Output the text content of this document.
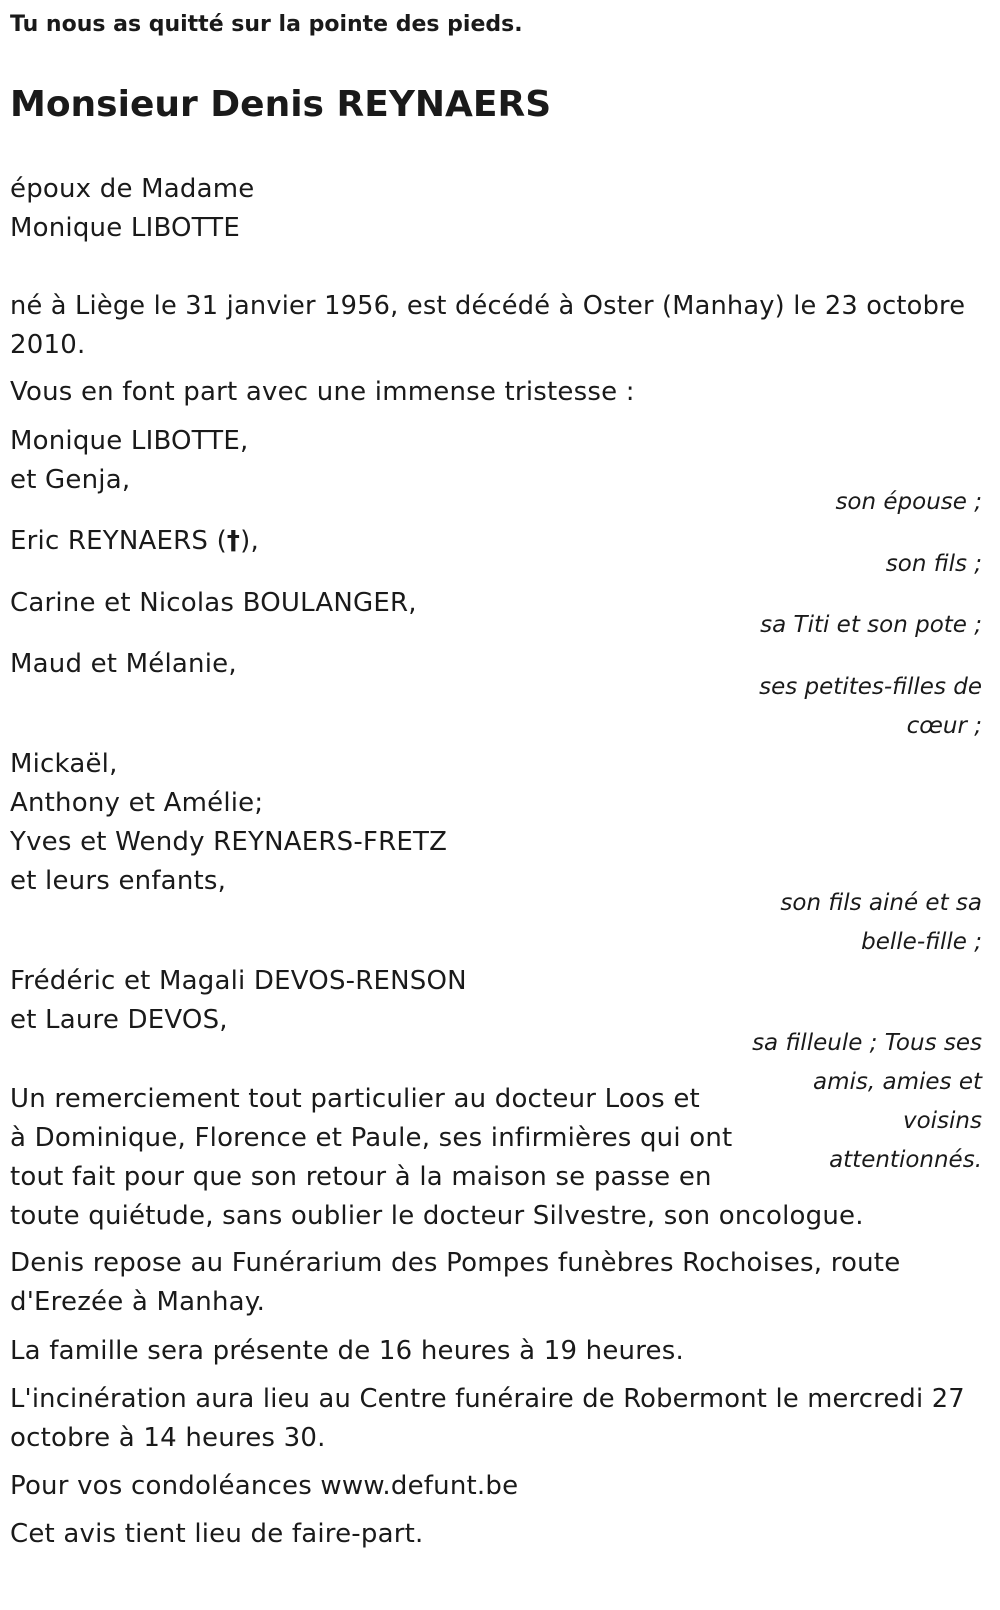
Tu nous as quitté sur la pointe des pieds.
Monsieur Denis REYNAERS
époux de Madame
Monique LIBOTTE
né à Liège le 31 janvier 1956, est décédé à Oster (Manhay) le 23 octobre
2010.
Vous en font part avec une immense tristesse :
Monique LIBOTTE,
et Genja,
Eric REYNAERS (†),
Carine et Nicolas BOULANGER,
Maud et Mélanie,
Mickaël,
Anthony et Amélie;
Yves et Wendy REYNAERS-FRETZ
et leurs enfants,
Frédéric et Magali DEVOS-RENSON
et Laure DEVOS,
son épouse ;
son fils ;
sa Titi et son pote ;
ses petites-filles de
cœur ;
son fils ainé et sa
belle-fille ;
sa filleule ; Tous ses
amis, amies et
voisins
attentionnés.
Un remerciement tout particulier au docteur Loos et
à Dominique, Florence et Paule, ses infirmières qui ont
tout fait pour que son retour à la maison se passe en
toute quiétude, sans oublier le docteur Silvestre, son oncologue.
Denis repose au Funérarium des Pompes funèbres Rochoises, route
d'Erezée à Manhay.
La famille sera présente de 16 heures à 19 heures.
L'incinération aura lieu au Centre funéraire de Robermont le mercredi 27
octobre à 14 heures 30.
Pour vos condoléances www.defunt.be
Cet avis tient lieu de faire-part.
